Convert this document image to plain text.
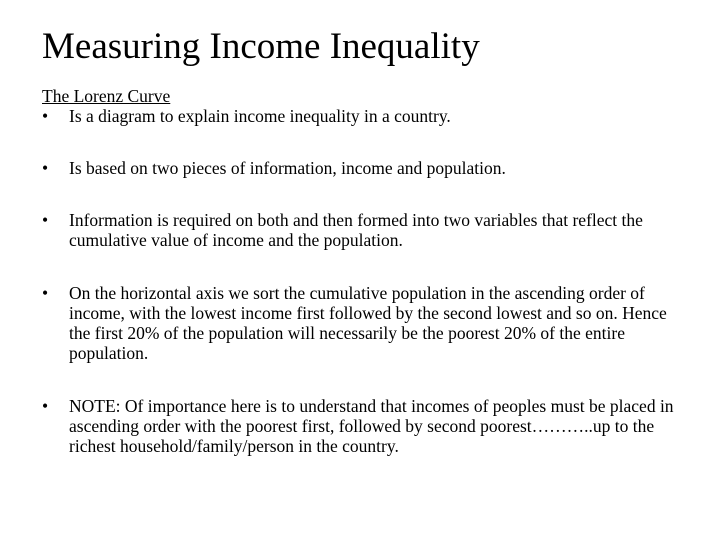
Measuring Income Inequality

The Lorenz Curve

• Is a diagram to explain income inequality in a country.
• Is based on two pieces of information, income and population.
• Information is required on both and then formed into two variables that reflect the cumulative value of income and the population.
• On the horizontal axis we sort the cumulative population in the ascending order of income, with the lowest income first followed by the second lowest and so on. Hence the first 20% of the population will necessarily be the poorest 20% of the entire population.
• NOTE: Of importance here is to understand that incomes of peoples must be placed in ascending order with the poorest first, followed by second poorest………..up to the richest household/family/person in the country.
